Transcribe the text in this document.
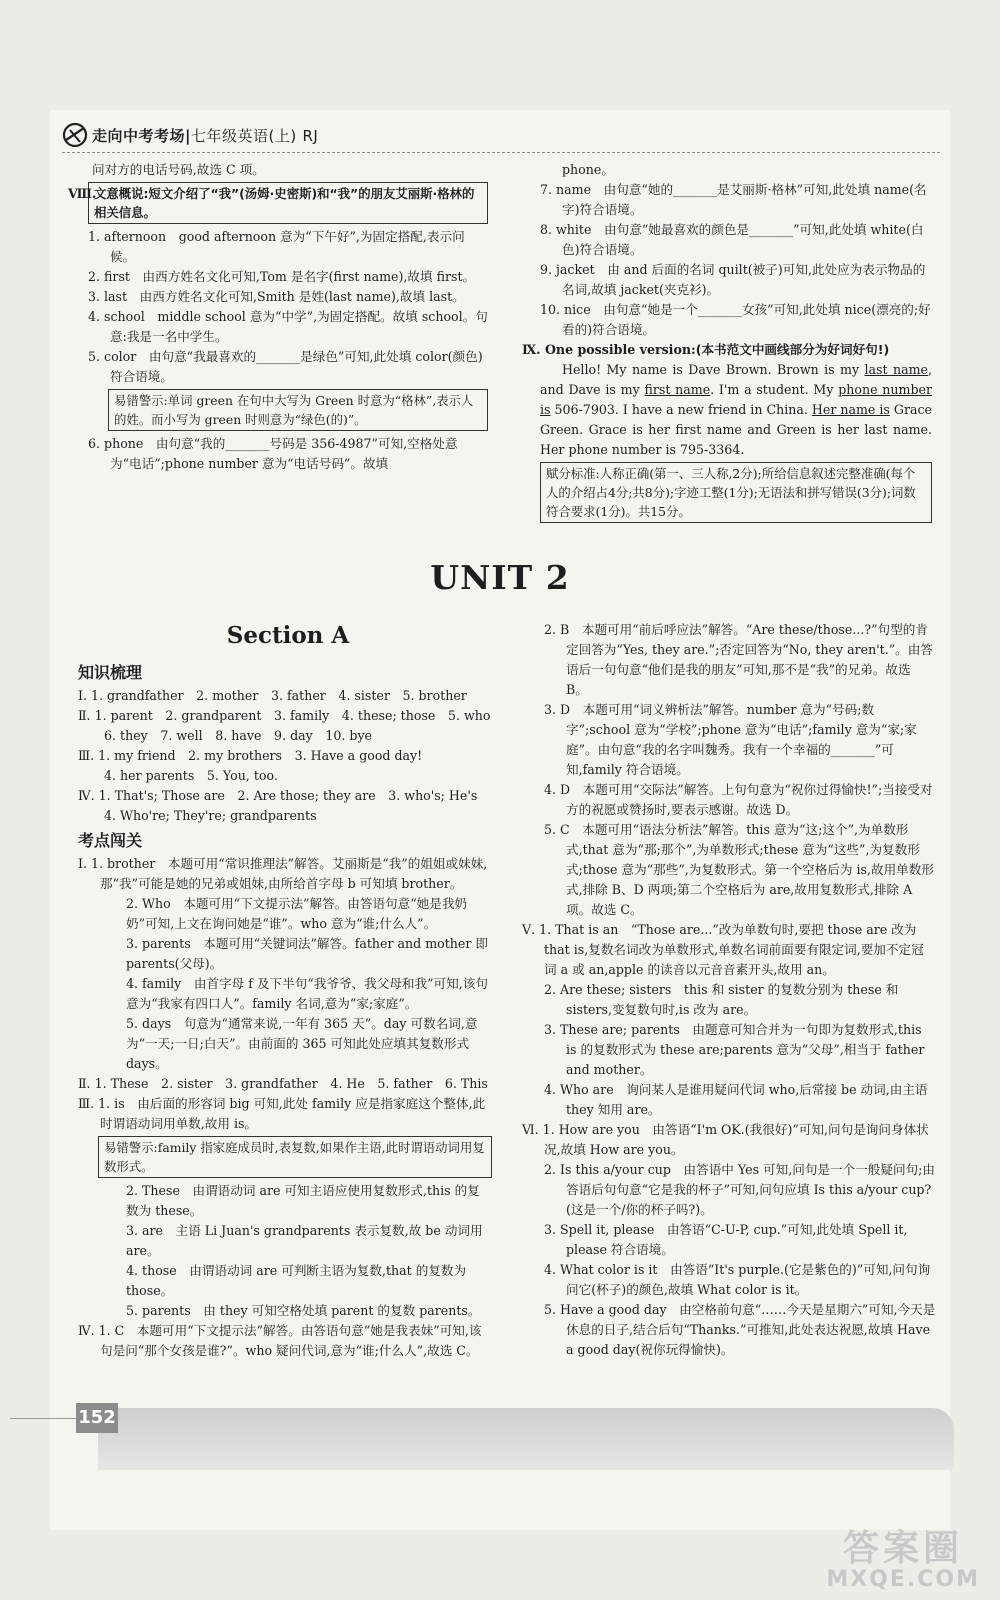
走向中考考场|七年级英语(上) RJ

问对方的电话号码,故选 C 项。

Ⅷ.
文意概说:短文介绍了“我”(汤姆·史密斯)和“我”的朋友艾丽斯·格林的相关信息。

1. afternoon　good afternoon 意为“下午好”,为固定搭配,表示问候。

2. first　由西方姓名文化可知,Tom 是名字(first name),故填 first。

3. last　由西方姓名文化可知,Smith 是姓(last name),故填 last。

4. school　middle school 意为“中学”,为固定搭配。故填 school。句意:我是一名中学生。

5. color　由句意“我最喜欢的_______是绿色”可知,此处填 color(颜色)符合语境。

易错警示:单词 green 在句中大写为 Green 时意为“格林”,表示人的姓。而小写为 green 时则意为“绿色(的)”。

6. phone　由句意“我的_______号码是 356-4987”可知,空格处意为“电话”;phone number 意为“电话号码”。故填

phone。

7. name　由句意“她的_______是艾丽斯·格林”可知,此处填 name(名字)符合语境。

8. white　由句意“她最喜欢的颜色是_______”可知,此处填 white(白色)符合语境。

9. jacket　由 and 后面的名词 quilt(被子)可知,此处应为表示物品的名词,故填 jacket(夹克衫)。

10. nice　由句意“她是一个_______女孩”可知,此处填 nice(漂亮的;好看的)符合语境。

Ⅸ. One possible version:(本书范文中画线部分为好词好句!)

Hello! My name is Dave Brown. Brown is my last name, and Dave is my first name. I'm a student. My phone number is 506-7903. I have a new friend in China. Her name is Grace Green. Grace is her first name and Green is her last name. Her phone number is 795-3364.

赋分标准:人称正确(第一、三人称,2分);所给信息叙述完整准确(每个人的介绍占4分;共8分);字迹工整(1分);无语法和拼写错误(3分);词数符合要求(1分)。共15分。
UNIT 2
Section A
知识梳理

Ⅰ. 1. grandfather　2. mother　3. father　4. sister　5. brother

Ⅱ. 1. parent　2. grandparent　3. family　4. these; those　5. who

6. they　7. well　8. have　9. day　10. bye

Ⅲ. 1. my friend　2. my brothers　3. Have a good day!

4. her parents　5. You, too.

Ⅳ. 1. That's; Those are　2. Are those; they are　3. who's; He's

4. Who're; They're; grandparents

考点闯关

Ⅰ. 1. brother　本题可用“常识推理法”解答。艾丽斯是“我”的姐姐或妹妹,那“我”可能是她的兄弟或姐妹,由所给首字母 b 可知填 brother。

2. Who　本题可用“下文提示法”解答。由答语句意“她是我奶奶”可知,上文在询问她是“谁”。who 意为“谁;什么人”。

3. parents　本题可用“关键词法”解答。father and mother 即 parents(父母)。

4. family　由首字母 f 及下半句“我爷爷、我父母和我”可知,该句意为“我家有四口人”。family 名词,意为“家;家庭”。

5. days　句意为“通常来说,一年有 365 天”。day 可数名词,意为“一天;一日;白天”。由前面的 365 可知此处应填其复数形式 days。

Ⅱ. 1. These　2. sister　3. grandfather　4. He　5. father　6. This

Ⅲ. 1. is　由后面的形容词 big 可知,此处 family 应是指家庭这个整体,此时谓语动词用单数,故用 is。

易错警示:family 指家庭成员时,表复数,如果作主语,此时谓语动词用复数形式。

2. These　由谓语动词 are 可知主语应使用复数形式,this 的复数为 these。

3. are　主语 Li Juan's grandparents 表示复数,故 be 动词用 are。

4. those　由谓语动词 are 可判断主语为复数,that 的复数为 those。

5. parents　由 they 可知空格处填 parent 的复数 parents。

Ⅳ. 1. C　本题可用“下文提示法”解答。由答语句意“她是我表妹”可知,该句是问“那个女孩是谁?”。who 疑问代词,意为“谁;什么人”,故选 C。

2. B　本题可用“前后呼应法”解答。“Are these/those...?”句型的肯定回答为“Yes, they are.”;否定回答为“No, they aren't.”。由答语后一句句意“他们是我的朋友”可知,那不是“我”的兄弟。故选 B。

3. D　本题可用“词义辨析法”解答。number 意为“号码;数字”;school 意为“学校”;phone 意为“电话”;family 意为“家;家庭”。由句意“我的名字叫魏秀。我有一个幸福的_______”可知,family 符合语境。

4. D　本题可用“交际法”解答。上句句意为“祝你过得愉快!”;当接受对方的祝愿或赞扬时,要表示感谢。故选 D。

5. C　本题可用“语法分析法”解答。this 意为“这;这个”,为单数形式,that 意为“那;那个”,为单数形式;these 意为“这些”,为复数形式;those 意为“那些”,为复数形式。第一个空格后为 is,故用单数形式,排除 B、D 两项;第二个空格后为 are,故用复数形式,排除 A 项。故选 C。

Ⅴ. 1. That is an　“Those are...”改为单数句时,要把 those are 改为 that is,复数名词改为单数形式,单数名词前面要有限定词,要加不定冠词 a 或 an,apple 的读音以元音音素开头,故用 an。

2. Are these; sisters　this 和 sister 的复数分别为 these 和 sisters,变复数句时,is 改为 are。

3. These are; parents　由题意可知合并为一句即为复数形式,this is 的复数形式为 these are;parents 意为“父母”,相当于 father and mother。

4. Who are　询问某人是谁用疑问代词 who,后常接 be 动词,由主语 they 知用 are。

Ⅵ. 1. How are you　由答语“I'm OK.(我很好)”可知,问句是询问身体状况,故填 How are you。

2. Is this a/your cup　由答语中 Yes 可知,问句是一个一般疑问句;由答语后句句意“它是我的杯子”可知,问句应填 Is this a/your cup?(这是一个/你的杯子吗?)。

3. Spell it, please　由答语“C-U-P, cup.”可知,此处填 Spell it, please 符合语境。

4. What color is it　由答语“It's purple.(它是紫色的)”可知,问句询问它(杯子)的颜色,故填 What color is it。

5. Have a good day　由空格前句意“……今天是星期六”可知,今天是休息的日子,结合后句“Thanks.”可推知,此处表达祝愿,故填 Have a good day(祝你玩得愉快)。

152
答案圈
MXQE.COM
